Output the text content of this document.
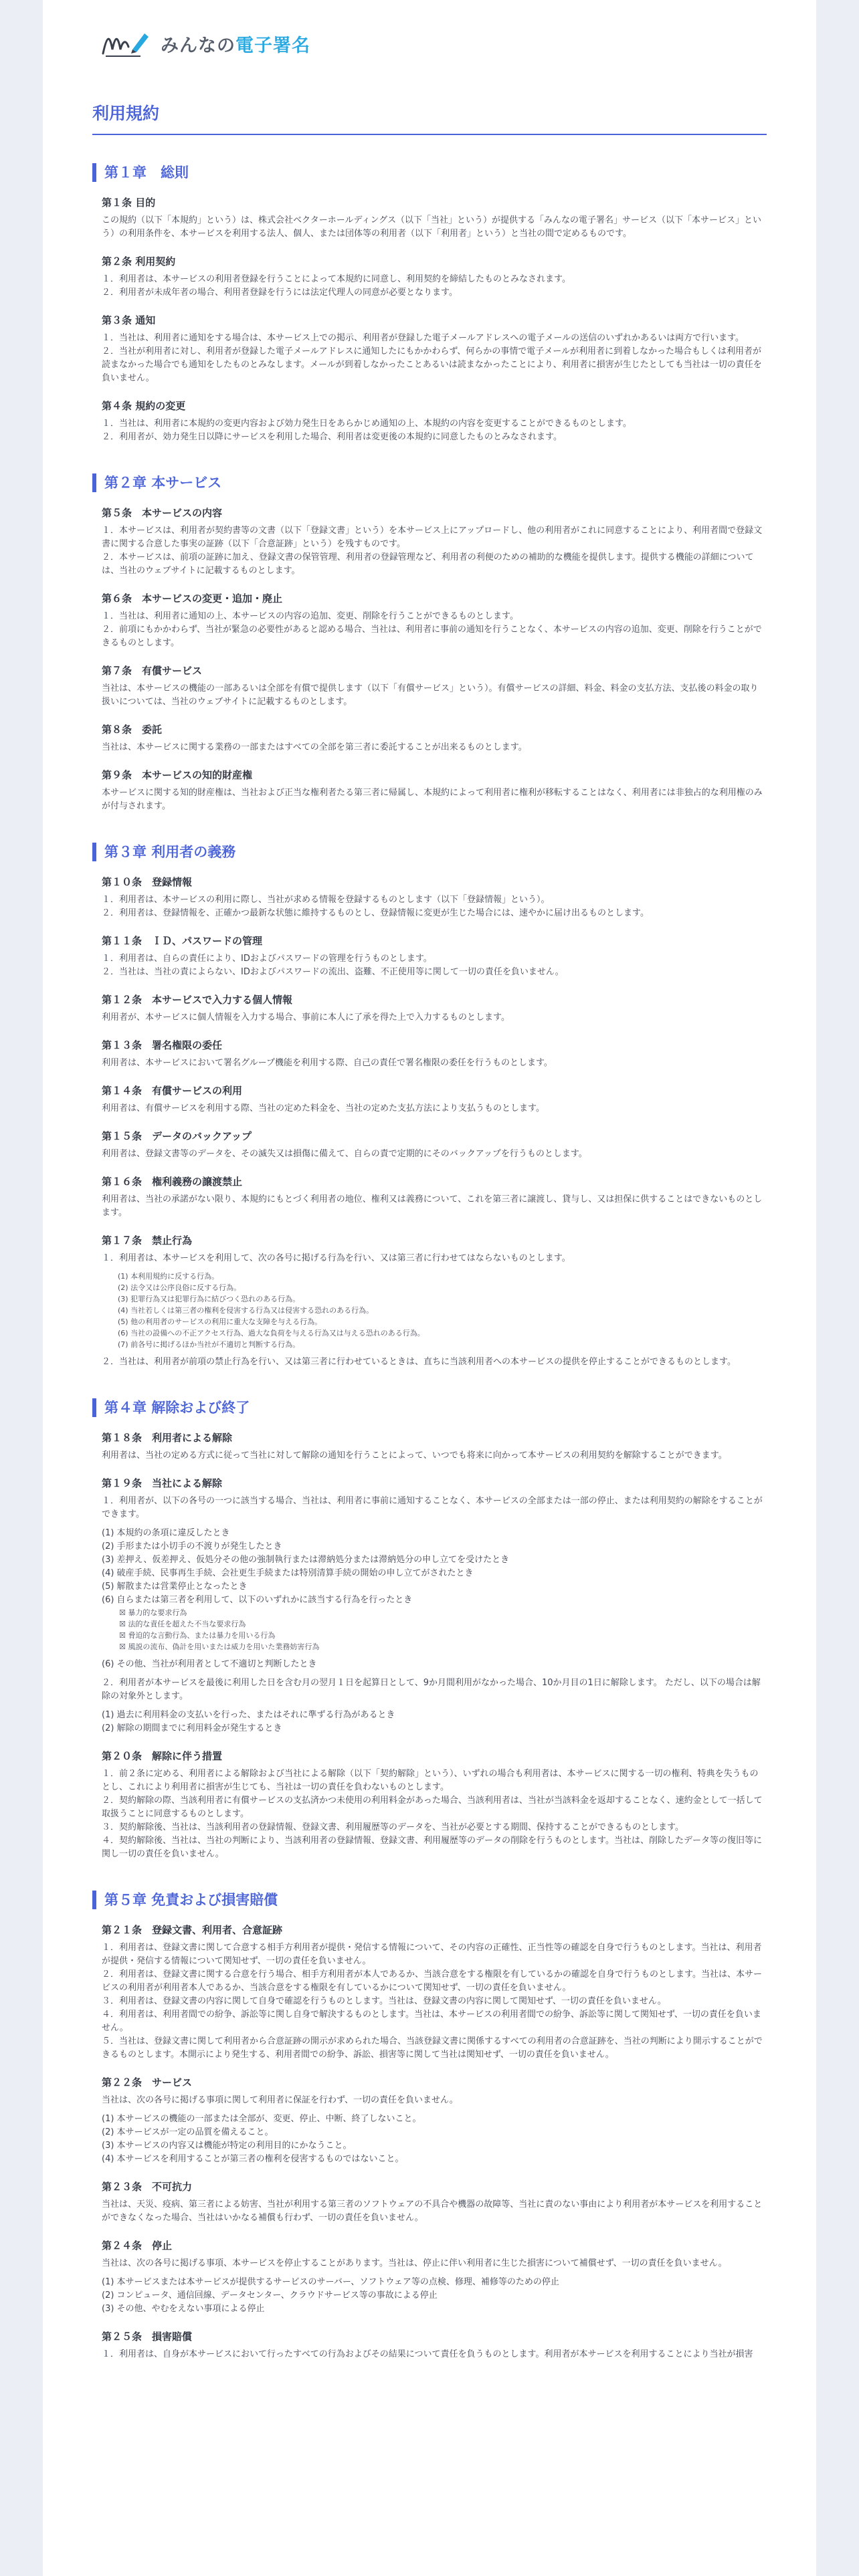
みんなの電子署名
利用規約
第１章　総則
第１条 目的

この規約（以下「本規約」という）は、株式会社ベクターホールディングス（以下「当社」という）が提供する「みんなの電子署名」サービス（以下「本サービス」という）の利用条件を、本サービスを利用する法人、個人、または団体等の利用者（以下「利用者」という）と当社の間で定めるものです。

第２条 利用契約

１．利用者は、本サービスの利用者登録を行うことによって本規約に同意し、利用契約を締結したものとみなされます。

２．利用者が未成年者の場合、利用者登録を行うには法定代理人の同意が必要となります。

第３条 通知

１．当社は、利用者に通知をする場合は、本サービス上での掲示、利用者が登録した電子メールアドレスへの電子メールの送信のいずれかあるいは両方で行います。

２．当社が利用者に対し、利用者が登録した電子メールアドレスに通知したにもかかわらず、何らかの事情で電子メールが利用者に到着しなかった場合もしくは利用者が読まなかった場合でも通知をしたものとみなします。メールが到着しなかったことあるいは読まなかったことにより、利用者に損害が生じたとしても当社は一切の責任を負いません。

第４条 規約の変更

１．当社は、利用者に本規約の変更内容および効力発生日をあらかじめ通知の上、本規約の内容を変更することができるものとします。

２．利用者が、効力発生日以降にサービスを利用した場合、利用者は変更後の本規約に同意したものとみなされます。

第２章 本サービス
第５条　本サービスの内容

１．本サービスは、利用者が契約書等の文書（以下「登録文書」という）を本サービス上にアップロードし、他の利用者がこれに同意することにより、利用者間で登録文書に関する合意した事実の証跡（以下「合意証跡」という）を残すものです。

２．本サービスは、前項の証跡に加え、登録文書の保管管理、利用者の登録管理など、利用者の利便のための補助的な機能を提供します。提供する機能の詳細については、当社のウェブサイトに記載するものとします。

第６条　本サービスの変更・追加・廃止

１．当社は、利用者に通知の上、本サービスの内容の追加、変更、削除を行うことができるものとします。

２．前項にもかかわらず、当社が緊急の必要性があると認める場合、当社は、利用者に事前の通知を行うことなく、本サービスの内容の追加、変更、削除を行うことができるものとします。

第７条　有償サービス

当社は、本サービスの機能の一部あるいは全部を有償で提供します（以下「有償サービス」という）。有償サービスの詳細、料金、料金の支払方法、支払後の料金の取り扱いについては、当社のウェブサイトに記載するものとします。

第８条　委託

当社は、本サービスに関する業務の一部またはすべての全部を第三者に委託することが出来るものとします。

第９条　本サービスの知的財産権

本サービスに関する知的財産権は、当社および正当な権利者たる第三者に帰属し、本規約によって利用者に権利が移転することはなく、利用者には非独占的な利用権のみが付与されます。

第３章 利用者の義務
第１０条　登録情報

１．利用者は、本サービスの利用に際し、当社が求める情報を登録するものとします（以下「登録情報」という）。

２．利用者は、登録情報を、正確かつ最新な状態に維持するものとし、登録情報に変更が生じた場合には、速やかに届け出るものとします。

第１１条　ＩＤ、パスワードの管理

１．利用者は、自らの責任により、IDおよびパスワードの管理を行うものとします。

２．当社は、当社の責によらない、IDおよびパスワードの流出、盗難、不正使用等に関して一切の責任を負いません。

第１２条　本サービスで入力する個人情報

利用者が、本サービスに個人情報を入力する場合、事前に本人に了承を得た上で入力するものとします。

第１３条　署名権限の委任

利用者は、本サービスにおいて署名グループ機能を利用する際、自己の責任で署名権限の委任を行うものとします。

第１４条　有償サービスの利用

利用者は、有償サービスを利用する際、当社の定めた料金を、当社の定めた支払方法により支払うものとします。

第１５条　データのバックアップ

利用者は、登録文書等のデータを、その滅失又は損傷に備えて、自らの責で定期的にそのバックアップを行うものとします。

第１６条　権利義務の譲渡禁止

利用者は、当社の承諾がない限り、本規約にもとづく利用者の地位、権利又は義務について、これを第三者に譲渡し、貸与し、又は担保に供することはできないものとします。

第１７条　禁止行為

１．利用者は、本サービスを利用して、次の各号に掲げる行為を行い、又は第三者に行わせてはならないものとします。

(1) 本利用規約に反する行為。

(2) 法令又は公序良俗に反する行為。

(3) 犯罪行為又は犯罪行為に結びつく恐れのある行為。

(4) 当社若しくは第三者の権利を侵害する行為又は侵害する恐れのある行為。

(5) 他の利用者のサービスの利用に重大な支障を与える行為。

(6) 当社の設備への不正アクセス行為、過大な負荷を与える行為又は与える恐れのある行為。

(7) 前各号に掲げるほか当社が不適切と判断する行為。

２．当社は、利用者が前項の禁止行為を行い、又は第三者に行わせているときは、直ちに当該利用者への本サービスの提供を停止することができるものとします。

第４章 解除および終了
第１８条　利用者による解除

利用者は、当社の定める方式に従って当社に対して解除の通知を行うことによって、いつでも将来に向かって本サービスの利用契約を解除することができます。

第１９条　当社による解除

１．利用者が、以下の各号の一つに該当する場合、当社は、利用者に事前に通知することなく、本サービスの全部または一部の停止、または利用契約の解除をすることができます。

(1) 本規約の条項に違反したとき

(2) 手形または小切手の不渡りが発生したとき

(3) 差押え、仮差押え、仮処分その他の強制執行または滞納処分または滞納処分の申し立てを受けたとき

(4) 破産手続、民事再生手続、会社更生手続または特別清算手続の開始の申し立てがされたとき

(5) 解散または営業停止となったとき

(6) 自らまたは第三者を利用して、以下のいずれかに該当する行為を行ったとき

☒ 暴力的な要求行為

☒ 法的な責任を超えた不当な要求行為

☒ 脅迫的な言動行為、または暴力を用いる行為

☒ 風説の流布、偽計を用いまたは威力を用いた業務妨害行為

(6) その他、当社が利用者として不適切と判断したとき

２．利用者が本サービスを最後に利用した日を含む月の翌月１日を起算日として、9か月間利用がなかった場合、10か月目の1日に解除します。 ただし、以下の場合は解除の対象外とします。

(1) 過去に利用料金の支払いを行った、またはそれに準ずる行為があるとき

(2) 解除の期間までに利用料金が発生するとき

第２０条　解除に伴う措置

１．前２条に定める、利用者による解除および当社による解除（以下「契約解除」という）、いずれの場合も利用者は、本サービスに関する一切の権利、特典を失うものとし、これにより利用者に損害が生じても、当社は一切の責任を負わないものとします。

２．契約解除の際、当該利用者に有償サービスの支払済かつ未使用の利用料金があった場合、当該利用者は、当社が当該料金を返却することなく、速約金として一括して取扱うことに同意するものとします。

３．契約解除後、当社は、当該利用者の登録情報、登録文書、利用履歴等のデータを、当社が必要とする期間、保持することができるものとします。

４．契約解除後、当社は、当社の判断により、当該利用者の登録情報、登録文書、利用履歴等のデータの削除を行うものとします。当社は、削除したデータ等の復旧等に関し一切の責任を負いません。

第５章 免責および損害賠償
第２１条　登録文書、利用者、合意証跡

１．利用者は、登録文書に関して合意する相手方利用者が提供・発信する情報について、その内容の正確性、正当性等の確認を自身で行うものとします。当社は、利用者が提供・発信する情報について関知せず、一切の責任を負いません。

２．利用者は、登録文書に関する合意を行う場合、相手方利用者が本人であるか、当該合意をする権限を有しているかの確認を自身で行うものとします。当社は、本サービスの利用者が利用者本人であるか、当該合意をする権限を有しているかについて関知せず、一切の責任を負いません。

３．利用者は、登録文書の内容に関して自身で確認を行うものとします。当社は、登録文書の内容に関して関知せず、一切の責任を負いません。

４．利用者は、利用者間での紛争、訴訟等に関し自身で解決するものとします。当社は、本サービスの利用者間での紛争、訴訟等に関して関知せず、一切の責任を負いません。

５．当社は、登録文書に関して利用者から合意証跡の開示が求められた場合、当該登録文書に関係するすべての利用者の合意証跡を、当社の判断により開示することができるものとします。本開示により発生する、利用者間での紛争、訴訟、損害等に関して当社は関知せず、一切の責任を負いません。

第２２条　サービス

当社は、次の各号に掲げる事項に関して利用者に保証を行わず、一切の責任を負いません。

(1) 本サービスの機能の一部または全部が、変更、停止、中断、終了しないこと。

(2) 本サービスが一定の品質を備えること。

(3) 本サービスの内容又は機能が特定の利用目的にかなうこと。

(4) 本サービスを利用することが第三者の権利を侵害するものではないこと。

第２３条　不可抗力

当社は、天災、疫病、第三者による妨害、当社が利用する第三者のソフトウェアの不具合や機器の故障等、当社に責のない事由により利用者が本サービスを利用することができなくなった場合、当社はいかなる補償も行わず、一切の責任を負いません。

第２４条　停止

当社は、次の各号に掲げる事項、本サービスを停止することがあります。当社は、停止に伴い利用者に生じた損害について補償せず、一切の責任を負いません。

(1) 本サービスまたは本サービスが提供するサービスのサーバー、ソフトウェア等の点検、修理、補修等のための停止

(2) コンピュータ、通信回線、データセンター、クラウドサービス等の事故による停止

(3) その他、やむをえない事項による停止

第２５条　損害賠償

１．利用者は、自身が本サービスにおいて行ったすべての行為およびその結果について責任を負うものとします。利用者が本サービスを利用することにより当社が損害
